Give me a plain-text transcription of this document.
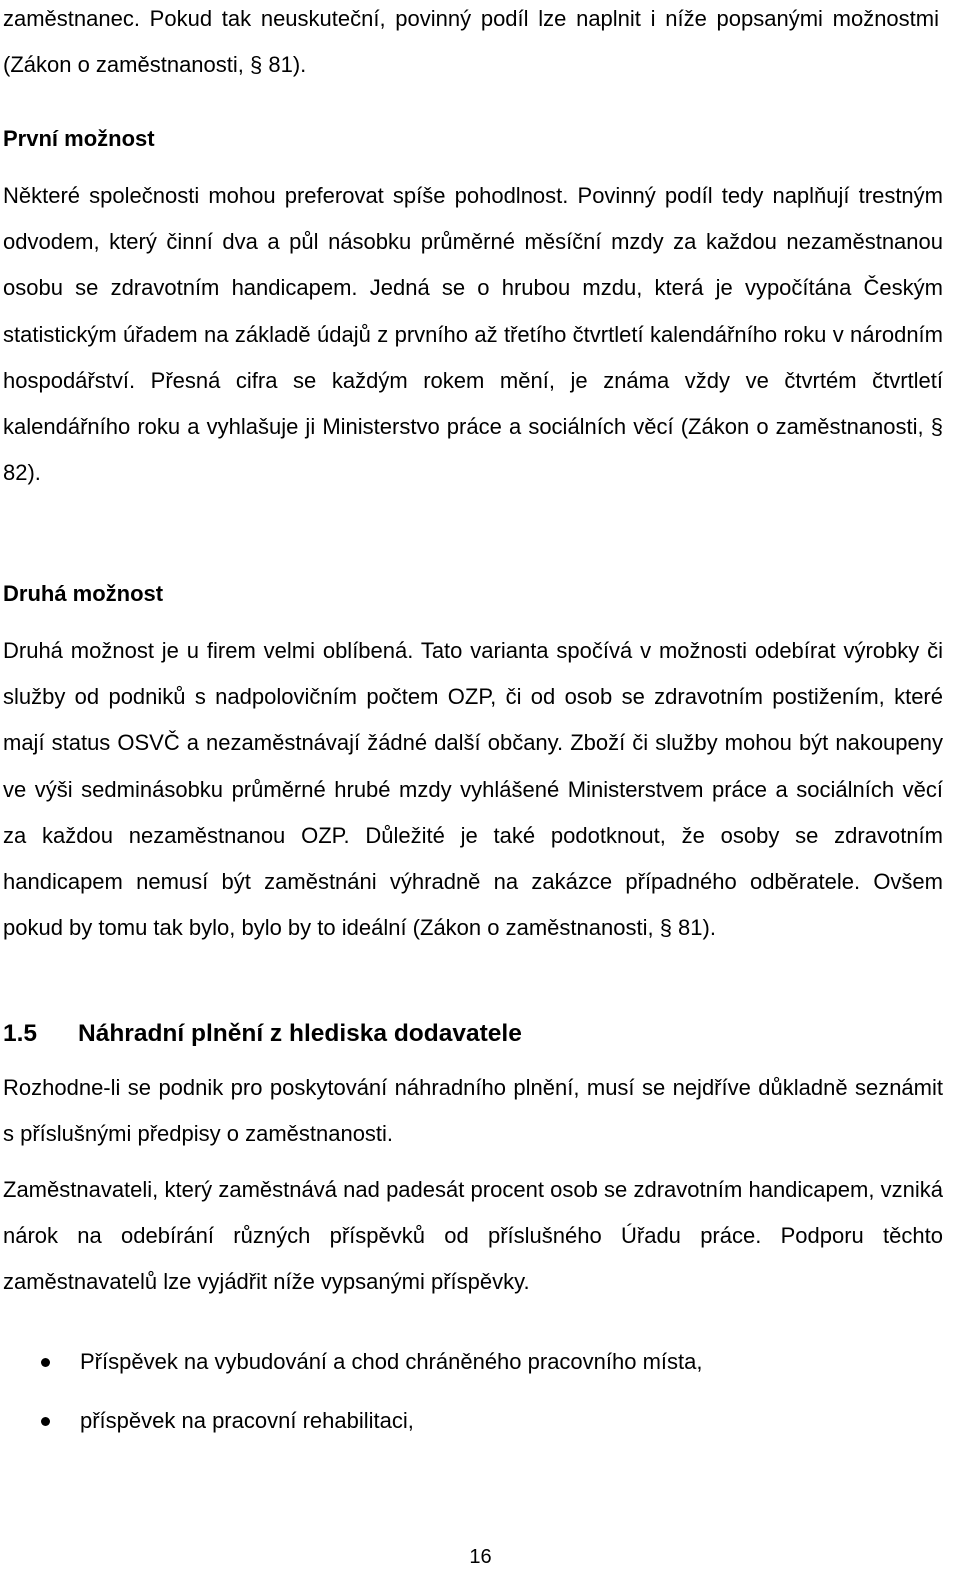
zaměstnanec. Pokud tak neuskuteční, povinný podíl lze naplnit i níže popsanými možnostmi (Zákon o zaměstnanosti, § 81).

První možnost

Některé společnosti mohou preferovat spíše pohodlnost. Povinný podíl tedy naplňují trestným odvodem, který činní dva a půl násobku průměrné měsíční mzdy za každou nezaměstnanou osobu se zdravotním handicapem. Jedná se o hrubou mzdu, která je vypočítána Českým statistickým úřadem na základě údajů z prvního až třetího čtvrtletí kalendářního roku v národním hospodářství. Přesná cifra se každým rokem mění, je známa vždy ve čtvrtém čtvrtletí kalendářního roku a vyhlašuje ji Ministerstvo práce a sociálních věcí (Zákon o zaměstnanosti, § 82).

Druhá možnost

Druhá možnost je u firem velmi oblíbená. Tato varianta spočívá v možnosti odebírat výrobky či služby od podniků s nadpolovičním počtem OZP, či od osob se zdravotním postižením, které mají status OSVČ a nezaměstnávají žádné další občany. Zboží či služby mohou být nakoupeny ve výši sedminásobku průměrné hrubé mzdy vyhlášené Ministerstvem práce a sociálních věcí za každou nezaměstnanou OZP. Důležité je také podotknout, že osoby se zdravotním handicapem nemusí být zaměstnáni výhradně na zakázce případného odběratele. Ovšem pokud by tomu tak bylo, bylo by to ideální (Zákon o zaměstnanosti, § 81).

1.5 Náhradní plnění z hlediska dodavatele

Rozhodne-li se podnik pro poskytování náhradního plnění, musí se nejdříve důkladně seznámit s příslušnými předpisy o zaměstnanosti.

Zaměstnavateli, který zaměstnává nad padesát procent osob se zdravotním handicapem, vzniká nárok na odebírání různých příspěvků od příslušného Úřadu práce. Podporu těchto zaměstnavatelů lze vyjádřit níže vypsanými příspěvky.

Příspěvek na vybudování a chod chráněného pracovního místa,
příspěvek na pracovní rehabilitaci,
16
